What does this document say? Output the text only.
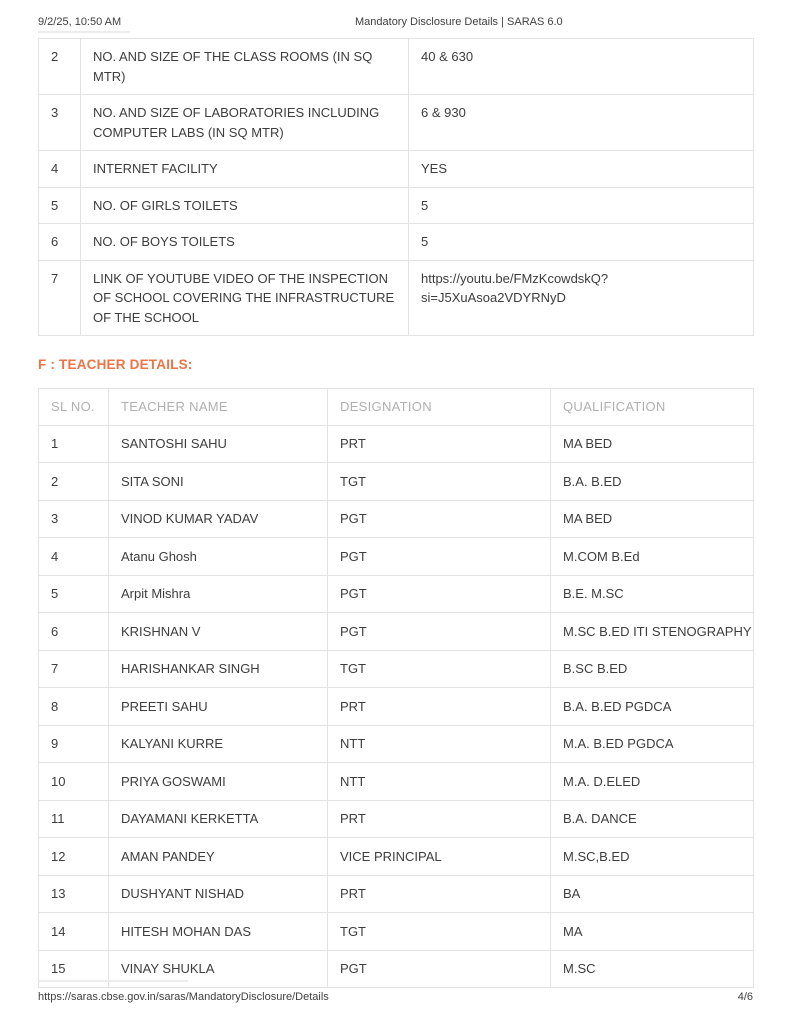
9/2/25, 10:50 AM	Mandatory Disclosure Details | SARAS 6.0
2	NO. AND SIZE OF THE CLASS ROOMS (IN SQ MTR)	40 & 630
3	NO. AND SIZE OF LABORATORIES INCLUDING COMPUTER LABS (IN SQ MTR)	6 & 930
4	INTERNET FACILITY	YES
5	NO. OF GIRLS TOILETS	5
6	NO. OF BOYS TOILETS	5
7	LINK OF YOUTUBE VIDEO OF THE INSPECTION OF SCHOOL COVERING THE INFRASTRUCTURE OF THE SCHOOL	https://youtu.be/FMzKcowdskQ?si=J5XuAsoa2VDYRNyD
F : TEACHER DETAILS:
SL NO.	TEACHER NAME	DESIGNATION	QUALIFICATION
1	SANTOSHI SAHU	PRT	MA BED
2	SITA SONI	TGT	B.A. B.ED
3	VINOD KUMAR YADAV	PGT	MA BED
4	Atanu Ghosh	PGT	M.COM B.Ed
5	Arpit Mishra	PGT	B.E. M.SC
6	KRISHNAN V	PGT	M.SC B.ED ITI STENOGRAPHY
7	HARISHANKAR SINGH	TGT	B.SC B.ED
8	PREETI SAHU	PRT	B.A. B.ED PGDCA
9	KALYANI KURRE	NTT	M.A. B.ED PGDCA
10	PRIYA GOSWAMI	NTT	M.A. D.ELED
11	DAYAMANI KERKETTA	PRT	B.A. DANCE
12	AMAN PANDEY	VICE PRINCIPAL	M.SC,B.ED
13	DUSHYANT NISHAD	PRT	BA
14	HITESH MOHAN DAS	TGT	MA
15	VINAY SHUKLA	PGT	M.SC
https://saras.cbse.gov.in/saras/MandatoryDisclosure/Details	4/6
